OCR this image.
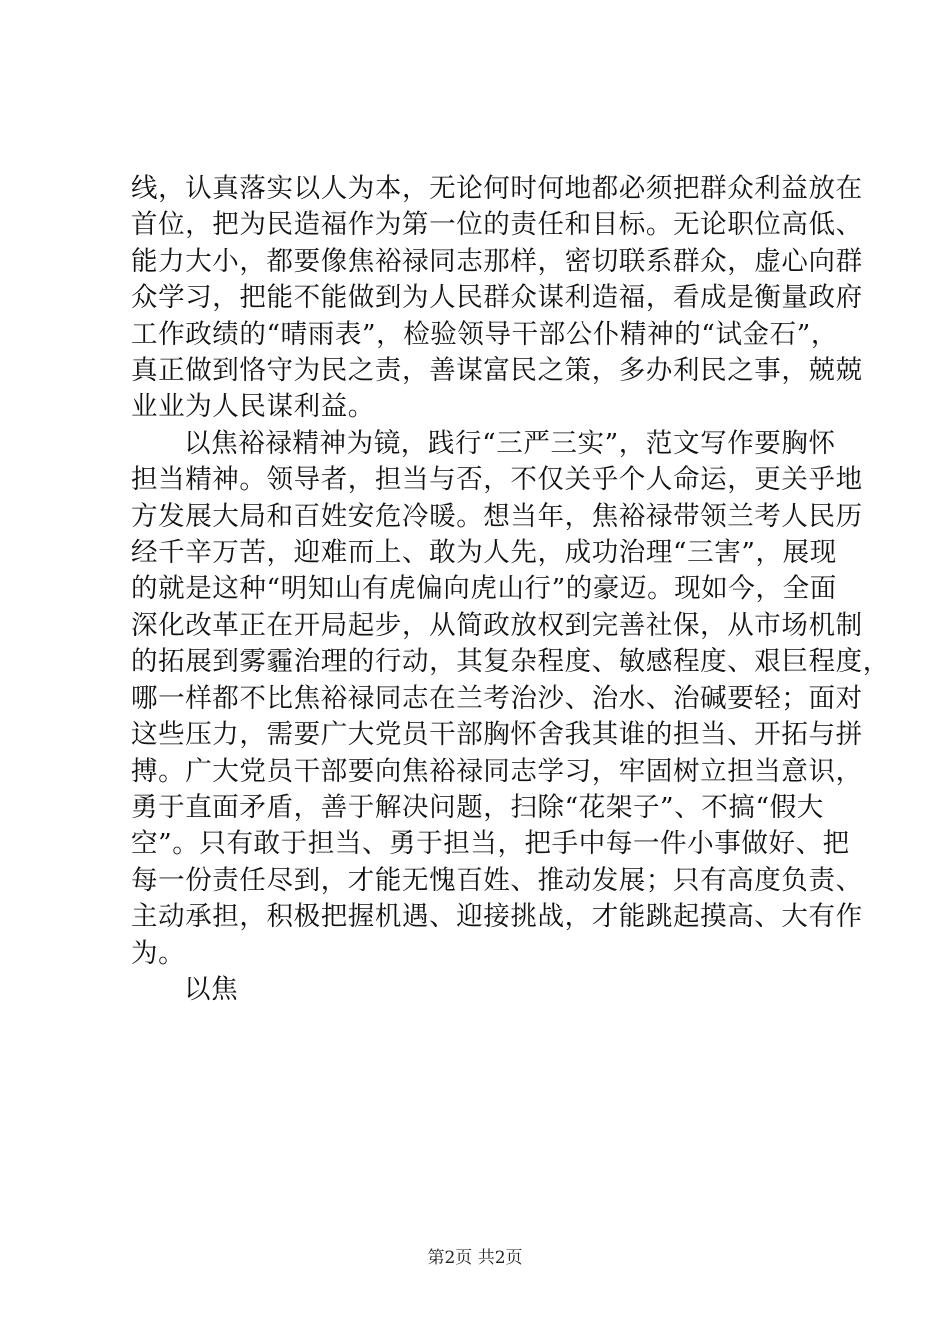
线，认真落实以人为本，无论何时何地都必须把群众利益放在
首位，把为民造福作为第一位的责任和目标。无论职位高低、
能力大小，都要像焦裕禄同志那样，密切联系群众，虚心向群
众学习，把能不能做到为人民群众谋利造福，看成是衡量政府
工作政绩的“晴雨表”，检验领导干部公仆精神的“试金石”，
真正做到恪守为民之责，善谋富民之策，多办利民之事，兢兢
业业为人民谋利益。

以焦裕禄精神为镜，践行“三严三实”，范文写作要胸怀
担当精神。领导者，担当与否，不仅关乎个人命运，更关乎地
方发展大局和百姓安危冷暖。想当年，焦裕禄带领兰考人民历
经千辛万苦，迎难而上、敢为人先，成功治理“三害”，展现
的就是这种“明知山有虎偏向虎山行”的豪迈。现如今，全面
深化改革正在开局起步，从简政放权到完善社保，从市场机制
的拓展到雾霾治理的行动，其复杂程度、敏感程度、艰巨程度，
哪一样都不比焦裕禄同志在兰考治沙、治水、治碱要轻；面对
这些压力，需要广大党员干部胸怀舍我其谁的担当、开拓与拼
搏。广大党员干部要向焦裕禄同志学习，牢固树立担当意识，
勇于直面矛盾，善于解决问题，扫除“花架子”、不搞“假大
空”。只有敢于担当、勇于担当，把手中每一件小事做好、把
每一份责任尽到，才能无愧百姓、推动发展；只有高度负责、
主动承担，积极把握机遇、迎接挑战，才能跳起摸高、大有作
为。

以焦

第2页 共2页
